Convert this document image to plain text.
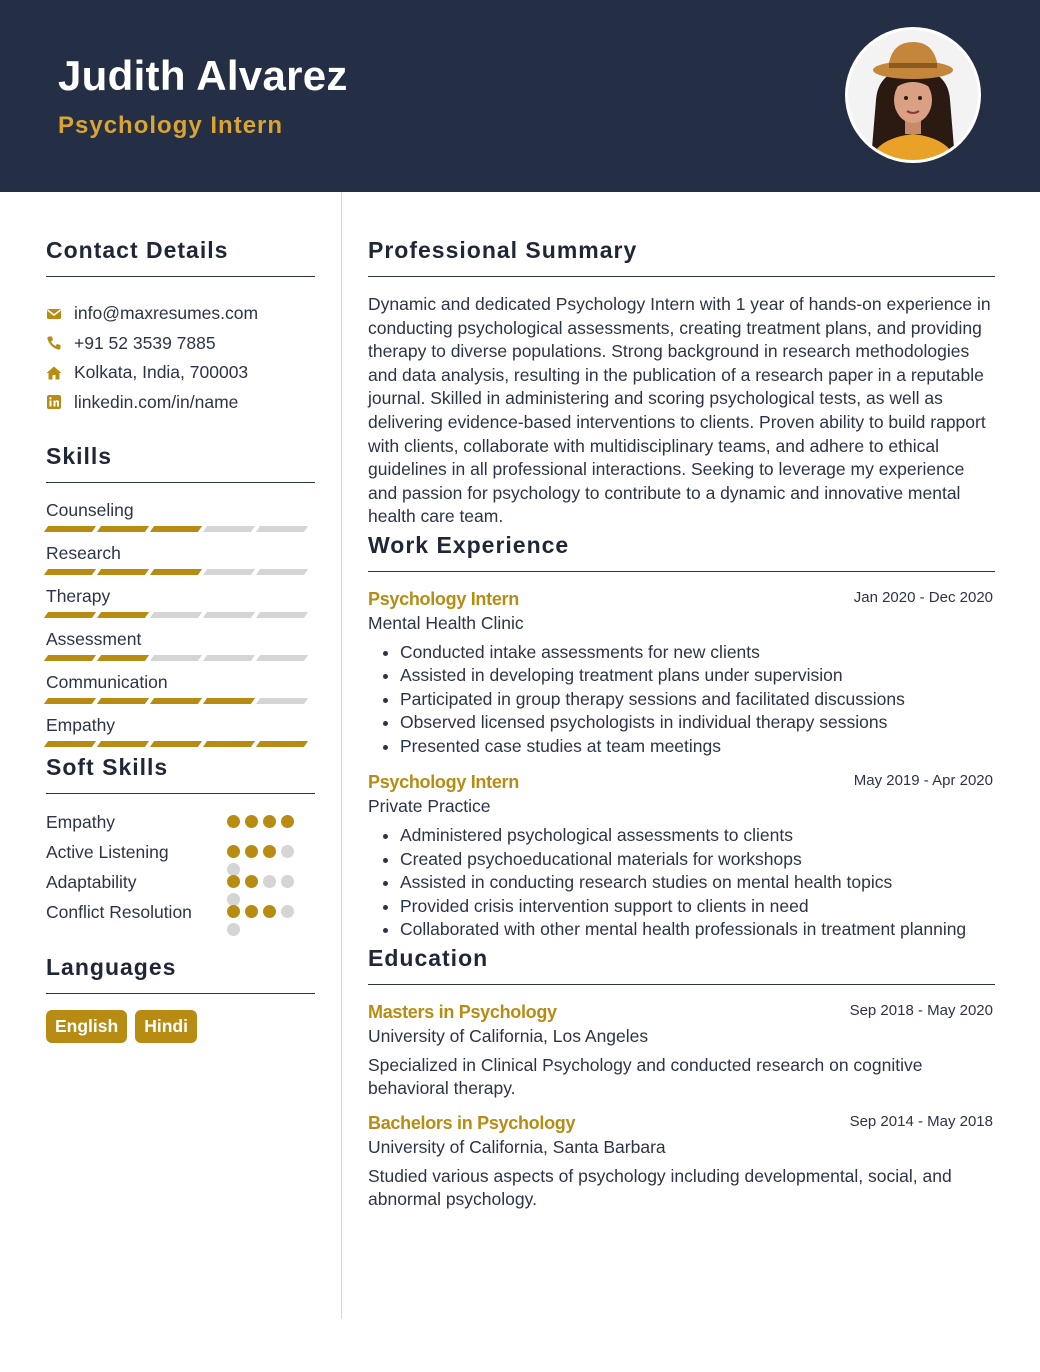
Judith Alvarez
Psychology Intern
Contact Details
info@maxresumes.com
+91 52 3539 7885
Kolkata, India, 700003
linkedin.com/in/name
Skills
Counseling
Research
Therapy
Assessment
Communication
Empathy
Soft Skills
Empathy
Active Listening
Adaptability
Conflict Resolution
Languages
English	Hindi
Professional Summary
Dynamic and dedicated Psychology Intern with 1 year of hands-on experience in conducting psychological assessments, creating treatment plans, and providing therapy to diverse populations. Strong background in research methodologies and data analysis, resulting in the publication of a research paper in a reputable journal. Skilled in administering and scoring psychological tests, as well as delivering evidence-based interventions to clients. Proven ability to build rapport with clients, collaborate with multidisciplinary teams, and adhere to ethical guidelines in all professional interactions. Seeking to leverage my experience and passion for psychology to contribute to a dynamic and innovative mental health care team.
Work Experience
Psychology Intern	Jan 2020 - Dec 2020
Mental Health Clinic
• Conducted intake assessments for new clients
• Assisted in developing treatment plans under supervision
• Participated in group therapy sessions and facilitated discussions
• Observed licensed psychologists in individual therapy sessions
• Presented case studies at team meetings
Psychology Intern	May 2019 - Apr 2020
Private Practice
• Administered psychological assessments to clients
• Created psychoeducational materials for workshops
• Assisted in conducting research studies on mental health topics
• Provided crisis intervention support to clients in need
• Collaborated with other mental health professionals in treatment planning
Education
Masters in Psychology	Sep 2018 - May 2020
University of California, Los Angeles
Specialized in Clinical Psychology and conducted research on cognitive behavioral therapy.
Bachelors in Psychology	Sep 2014 - May 2018
University of California, Santa Barbara
Studied various aspects of psychology including developmental, social, and abnormal psychology.
